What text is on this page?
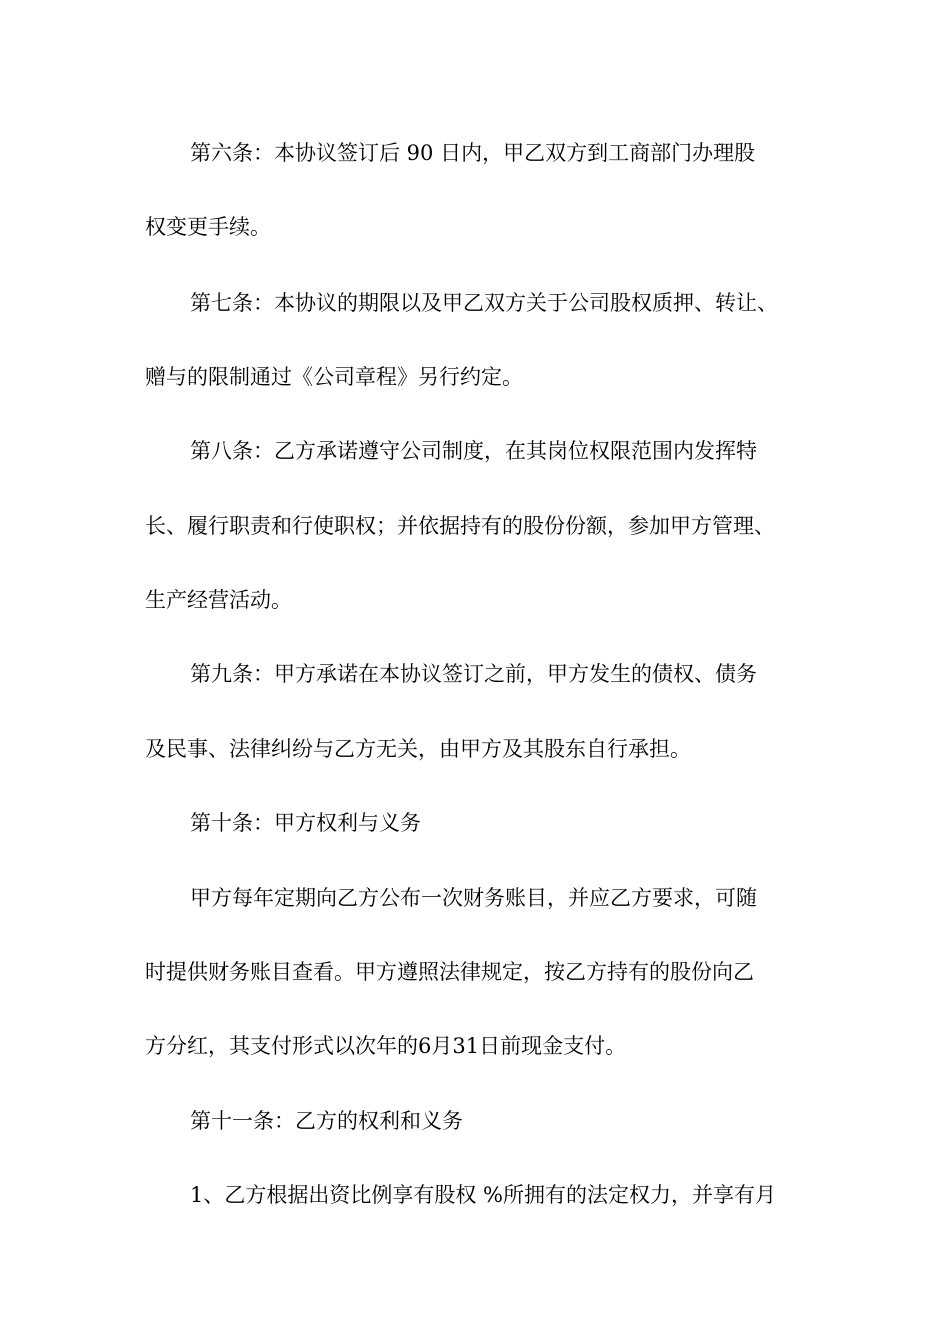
第六条：本协议签订后 90 日内，甲乙双方到工商部门办理股
权变更手续。
第七条：本协议的期限以及甲乙双方关于公司股权质押、转让、
赠与的限制通过《公司章程》另行约定。
第八条：乙方承诺遵守公司制度，在其岗位权限范围内发挥特
长、履行职责和行使职权；并依据持有的股份份额，参加甲方管理、
生产经营活动。
第九条：甲方承诺在本协议签订之前，甲方发生的债权、债务
及民事、法律纠纷与乙方无关，由甲方及其股东自行承担。
第十条：甲方权利与义务
甲方每年定期向乙方公布一次财务账目，并应乙方要求，可随
时提供财务账目查看。甲方遵照法律规定，按乙方持有的股份向乙
方分红，其支付形式以次年的6月31日前现金支付。
第十一条：乙方的权利和义务
1、乙方根据出资比例享有股权 %所拥有的法定权力，并享有月
